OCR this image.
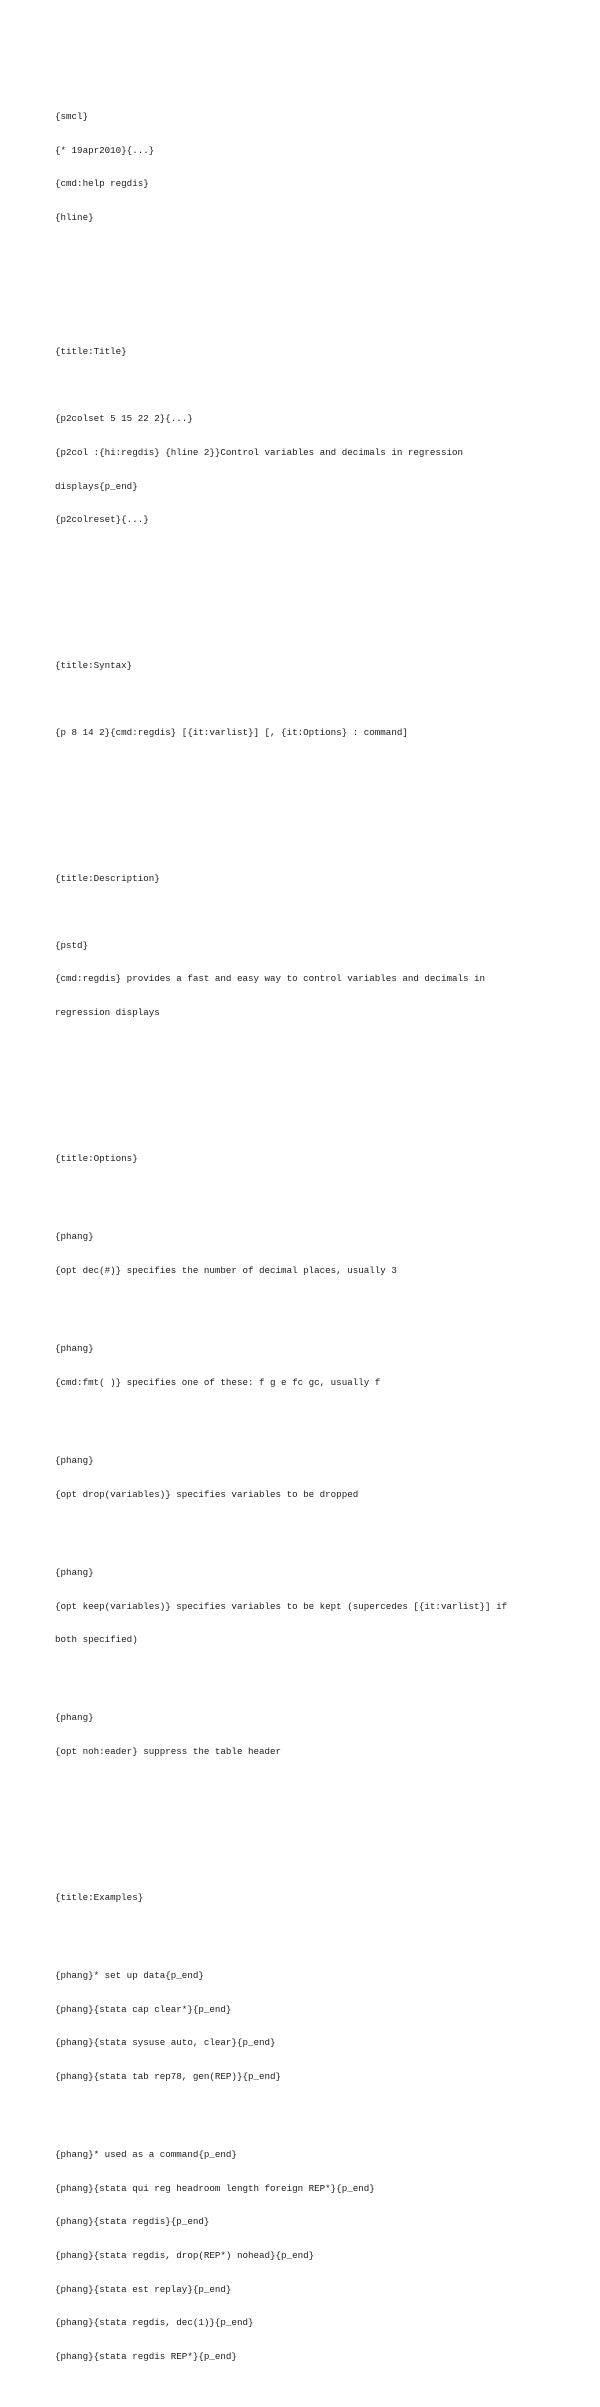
{smcl}

{* 19apr2010}{...}

{cmd:help regdis}

{hline}

{title:Title}

{p2colset 5 15 22 2}{...}

{p2col :{hi:regdis} {hline 2}}Control variables and decimals in regression

displays{p_end}

{p2colreset}{...}

{title:Syntax}

{p 8 14 2}{cmd:regdis} [{it:varlist}] [, {it:Options} : command]

{title:Description}

{pstd}

{cmd:regdis} provides a fast and easy way to control variables and decimals in

regression displays

{title:Options}

{phang}

{opt dec(#)} specifies the number of decimal places, usually 3

{phang}

{cmd:fmt( )} specifies one of these: f g e fc gc, usually f

{phang}

{opt drop(variables)} specifies variables to be dropped

{phang}

{opt keep(variables)} specifies variables to be kept (supercedes [{it:varlist}] if

both specified)

{phang}

{opt noh:eader} suppress the table header

{title:Examples}

{phang}* set up data{p_end}

{phang}{stata cap clear*}{p_end}

{phang}{stata sysuse auto, clear}{p_end}

{phang}{stata tab rep78, gen(REP)}{p_end}

{phang}* used as a command{p_end}

{phang}{stata qui reg headroom length foreign REP*}{p_end}

{phang}{stata regdis}{p_end}

{phang}{stata regdis, drop(REP*) nohead}{p_end}

{phang}{stata est replay}{p_end}

{phang}{stata regdis, dec(1)}{p_end}

{phang}{stata regdis REP*}{p_end}
